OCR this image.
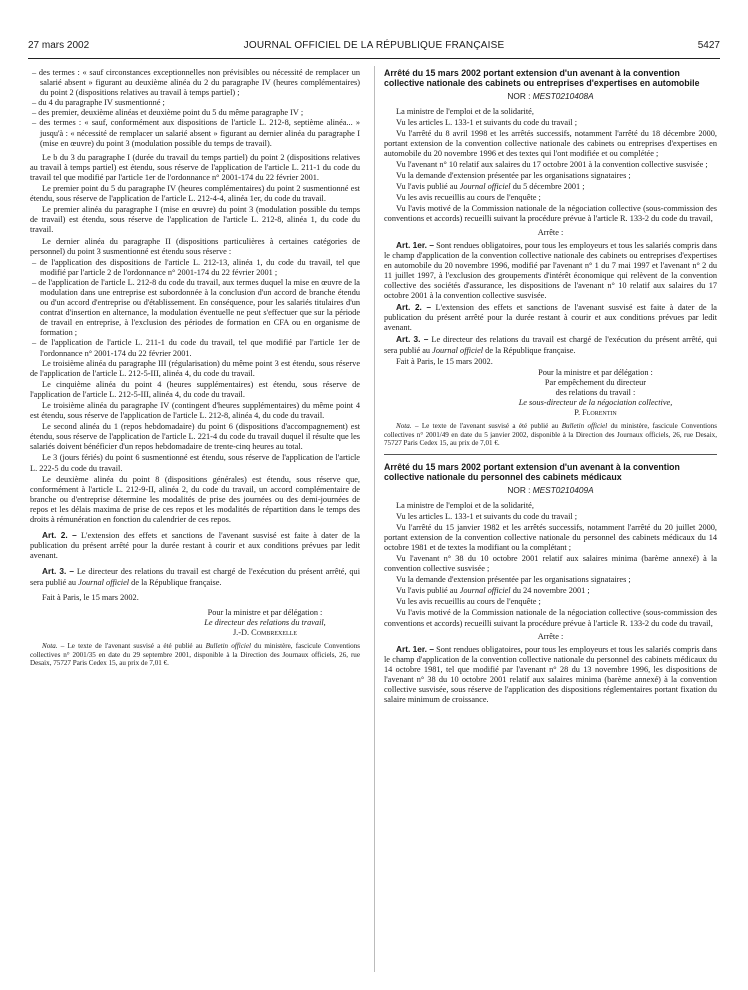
27 mars 2002	JOURNAL OFFICIEL DE LA RÉPUBLIQUE FRANÇAISE	5427

– des termes : « sauf circonstances exceptionnelles non prévisibles ou nécessité de remplacer un salarié absent » figurant au deuxième alinéa du 2 du paragraphe IV (heures complémentaires) du point 2 (dispositions relatives au travail à temps partiel) ;

– du 4 du paragraphe IV susmentionné ;

– des premier, deuxième alinéas et deuxième point du 5 du même paragraphe IV ;

– des termes : « sauf, conformément aux dispositions de l'article L. 212-8, septième alinéa... » jusqu'à : « nécessité de remplacer un salarié absent » figurant au dernier alinéa du paragraphe I (mise en œuvre) du point 3 (modulation possible du temps de travail).

Le b du 3 du paragraphe I (durée du travail du temps partiel) du point 2 (dispositions relatives au travail à temps partiel) est étendu, sous réserve de l'application de l'article L. 211-1 du code du travail tel que modifié par l'article 1er de l'ordonnance n° 2001-174 du 22 février 2001.

Le premier point du 5 du paragraphe IV (heures complémentaires) du point 2 susmentionné est étendu, sous réserve de l'application de l'article L. 212-4-4, alinéa 1er, du code du travail.

Le premier alinéa du paragraphe I (mise en œuvre) du point 3 (modulation possible du temps de travail) est étendu, sous réserve de l'application de l'article L. 212-8, alinéa 1, du code du travail.

Le dernier alinéa du paragraphe II (dispositions particulières à certaines catégories de personnel) du point 3 susmentionné est étendu sous réserve :

– de l'application des dispositions de l'article L. 212-13, alinéa 1, du code du travail, tel que modifié par l'article 2 de l'ordonnance n° 2001-174 du 22 février 2001 ;

– de l'application de l'article L. 212-8 du code du travail, aux termes duquel la mise en œuvre de la modulation dans une entreprise est subordonnée à la conclusion d'un accord de branche étendu ou d'un accord d'entreprise ou d'établissement. En conséquence, pour les salariés titulaires d'un contrat d'insertion en alternance, la modulation éventuelle ne peut s'effectuer que sur la période de travail en entreprise, à l'exclusion des périodes de formation en CFA ou en organisme de formation ;

– de l'application de l'article L. 211-1 du code du travail, tel que modifié par l'article 1er de l'ordonnance n° 2001-174 du 22 février 2001.

Le troisième alinéa du paragraphe III (régularisation) du même point 3 est étendu, sous réserve de l'application de l'article L. 212-5-III, alinéa 4, du code du travail.

Le cinquième alinéa du point 4 (heures supplémentaires) est étendu, sous réserve de l'application de l'article L. 212-5-III, alinéa 4, du code du travail.

Le troisième alinéa du paragraphe IV (contingent d'heures supplémentaires) du même point 4 est étendu, sous réserve de l'application de l'article L. 212-8, alinéa 4, du code du travail.

Le second alinéa du 1 (repos hebdomadaire) du point 6 (dispositions d'accompagnement) est étendu, sous réserve de l'application de l'article L. 221-4 du code du travail duquel il résulte que les salariés doivent bénéficier d'un repos hebdomadaire de trente-cinq heures au total.

Le 3 (jours fériés) du point 6 susmentionné est étendu, sous réserve de l'application de l'article L. 222-5 du code du travail.

Le deuxième alinéa du point 8 (dispositions générales) est étendu, sous réserve que, conformément à l'article L. 212-9-II, alinéa 2, du code du travail, un accord complémentaire de branche ou d'entreprise détermine les modalités de prise des journées ou des demi-journées de repos et les délais maxima de prise de ces repos et les modalités de répartition dans le temps des droits à rémunération en fonction du calendrier de ces repos.

Art. 2. – L'extension des effets et sanctions de l'avenant susvisé est faite à dater de la publication du présent arrêté pour la durée restant à courir et aux conditions prévues par ledit avenant.

Art. 3. – Le directeur des relations du travail est chargé de l'exécution du présent arrêté, qui sera publié au Journal officiel de la République française.

Fait à Paris, le 15 mars 2002.

Pour la ministre et par délégation :

Le directeur des relations du travail,

J.-D. Combrexelle

Nota. – Le texte de l'avenant susvisé a été publié au Bulletin officiel du ministère, fascicule Conventions collectives n° 2001/35 en date du 29 septembre 2001, disponible à la Direction des Journaux officiels, 26, rue Desaix, 75727 Paris Cedex 15, au prix de 7,01 €.

Arrêté du 15 mars 2002 portant extension d'un avenant à la convention collective nationale des cabinets ou entreprises d'expertises en automobile

NOR : MEST0210408A

La ministre de l'emploi et de la solidarité,

Vu les articles L. 133-1 et suivants du code du travail ;

Vu l'arrêté du 8 avril 1998 et les arrêtés successifs, notamment l'arrêté du 18 décembre 2000, portant extension de la convention collective nationale des cabinets ou entreprises d'expertises en automobile du 20 novembre 1996 et des textes qui l'ont modifiée et ou complétée ;

Vu l'avenant n° 10 relatif aux salaires du 17 octobre 2001 à la convention collective susvisée ;

Vu la demande d'extension présentée par les organisations signataires ;

Vu l'avis publié au Journal officiel du 5 décembre 2001 ;

Vu les avis recueillis au cours de l'enquête ;

Vu l'avis motivé de la Commission nationale de la négociation collective (sous-commission des conventions et accords) recueilli suivant la procédure prévue à l'article R. 133-2 du code du travail,

Arrête :

Art. 1er. – Sont rendues obligatoires, pour tous les employeurs et tous les salariés compris dans le champ d'application de la convention collective nationale des cabinets ou entreprises d'expertises en automobile du 20 novembre 1996, modifié par l'avenant n° 1 du 7 mai 1997 et l'avenant n° 2 du 11 juillet 1997, à l'exclusion des groupements d'intérêt économique qui relèvent de la convention collective des sociétés d'assurance, les dispositions de l'avenant n° 10 relatif aux salaires du 17 octobre 2001 à la convention collective susvisée.

Art. 2. – L'extension des effets et sanctions de l'avenant susvisé est faite à dater de la publication du présent arrêté pour la durée restant à courir et aux conditions prévues par ledit avenant.

Art. 3. – Le directeur des relations du travail est chargé de l'exécution du présent arrêté, qui sera publié au Journal officiel de la République française.

Fait à Paris, le 15 mars 2002.

Pour la ministre et par délégation :

Par empêchement du directeur

des relations du travail :

Le sous-directeur de la négociation collective,

P. Florentin

Nota. – Le texte de l'avenant susvisé a été publié au Bulletin officiel du ministère, fascicule Conventions collectives n° 2001/49 en date du 5 janvier 2002, disponible à la Direction des Journaux officiels, 26, rue Desaix, 75727 Paris Cedex 15, au prix de 7,01 €.

Arrêté du 15 mars 2002 portant extension d'un avenant à la convention collective nationale du personnel des cabinets médicaux

NOR : MEST0210409A

La ministre de l'emploi et de la solidarité,

Vu les articles L. 133-1 et suivants du code du travail ;

Vu l'arrêté du 15 janvier 1982 et les arrêtés successifs, notamment l'arrêté du 20 juillet 2000, portant extension de la convention collective nationale du personnel des cabinets médicaux du 14 octobre 1981 et de textes la modifiant ou la complétant ;

Vu l'avenant n° 38 du 10 octobre 2001 relatif aux salaires minima (barème annexé) à la convention collective susvisée ;

Vu la demande d'extension présentée par les organisations signataires ;

Vu l'avis publié au Journal officiel du 24 novembre 2001 ;

Vu les avis recueillis au cours de l'enquête ;

Vu l'avis motivé de la Commission nationale de la négociation collective (sous-commission des conventions et accords) recueilli suivant la procédure prévue à l'article R. 133-2 du code du travail,

Arrête :

Art. 1er. – Sont rendues obligatoires, pour tous les employeurs et tous les salariés compris dans le champ d'application de la convention collective nationale du personnel des cabinets médicaux du 14 octobre 1981, tel que modifié par l'avenant n° 28 du 13 novembre 1996, les dispositions de l'avenant n° 38 du 10 octobre 2001 relatif aux salaires minima (barème annexé) à la convention collective susvisée, sous réserve de l'application des dispositions réglementaires portant fixation du salaire minimum de croissance.
